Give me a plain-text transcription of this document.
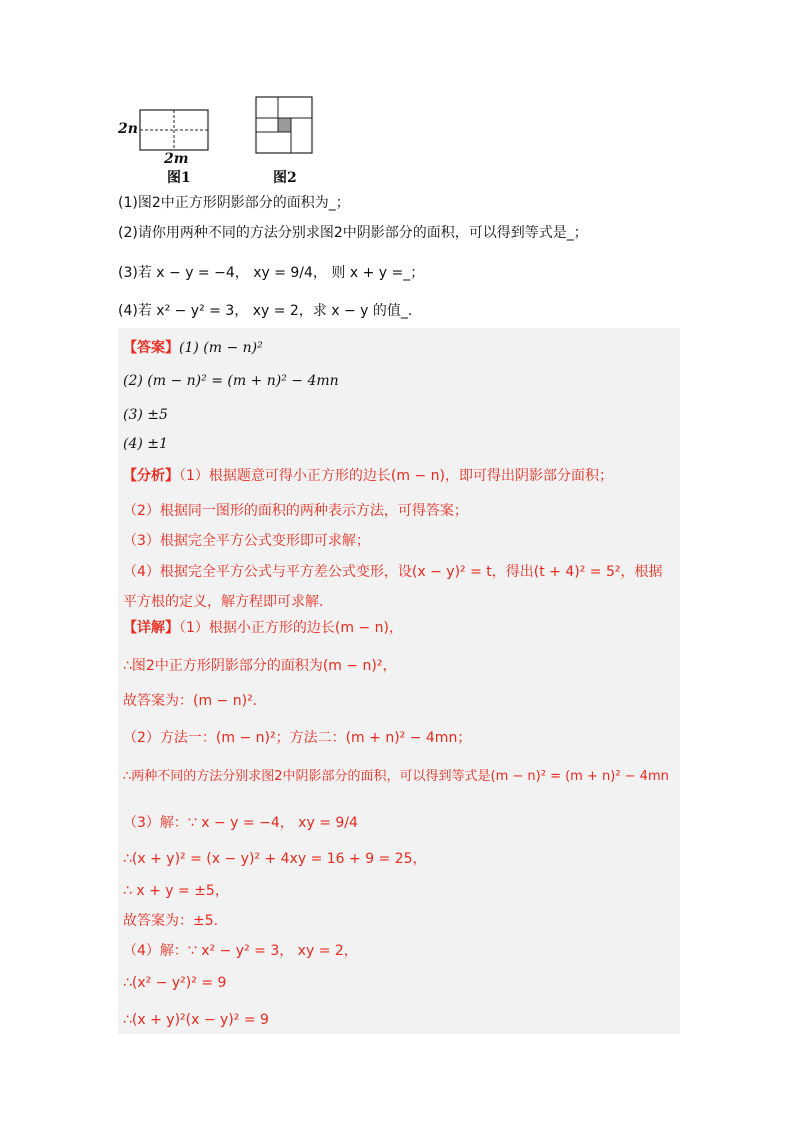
2n
2m
图1	图2
(1)图2中正方形阴影部分的面积为_；
(2)请你用两种不同的方法分别求图2中阴影部分的面积，可以得到等式是_；
(3)若 x − y = −4， xy = 9/4， 则 x + y =_；
(4)若 x² − y² = 3， xy = 2，求 x − y 的值_.
【答案】(1) (m − n)²
(2) (m − n)² = (m + n)² − 4mn
(3) ±5
(4) ±1
【分析】（1）根据题意可得小正方形的边长(m − n)，即可得出阴影部分面积；
（2）根据同一图形的面积的两种表示方法，可得答案；
（3）根据完全平方公式变形即可求解；
（4）根据完全平方公式与平方差公式变形，设(x − y)² = t，得出(t + 4)² = 5²，根据平方根的定义，解方程即可求解.
【详解】（1）根据小正方形的边长(m − n)，
∴图2中正方形阴影部分的面积为(m − n)²，
故答案为：(m − n)².
（2）方法一：(m − n)²；方法二：(m + n)² − 4mn；
∴两种不同的方法分别求图2中阴影部分的面积，可以得到等式是(m − n)² = (m + n)² − 4mn
（3）解：∵ x − y = −4， xy = 9/4
∴(x + y)² = (x − y)² + 4xy = 16 + 9 = 25，
∴ x + y = ±5，
故答案为：±5.
（4）解：∵ x² − y² = 3， xy = 2，
∴(x² − y²)² = 9
∴(x + y)²(x − y)² = 9
